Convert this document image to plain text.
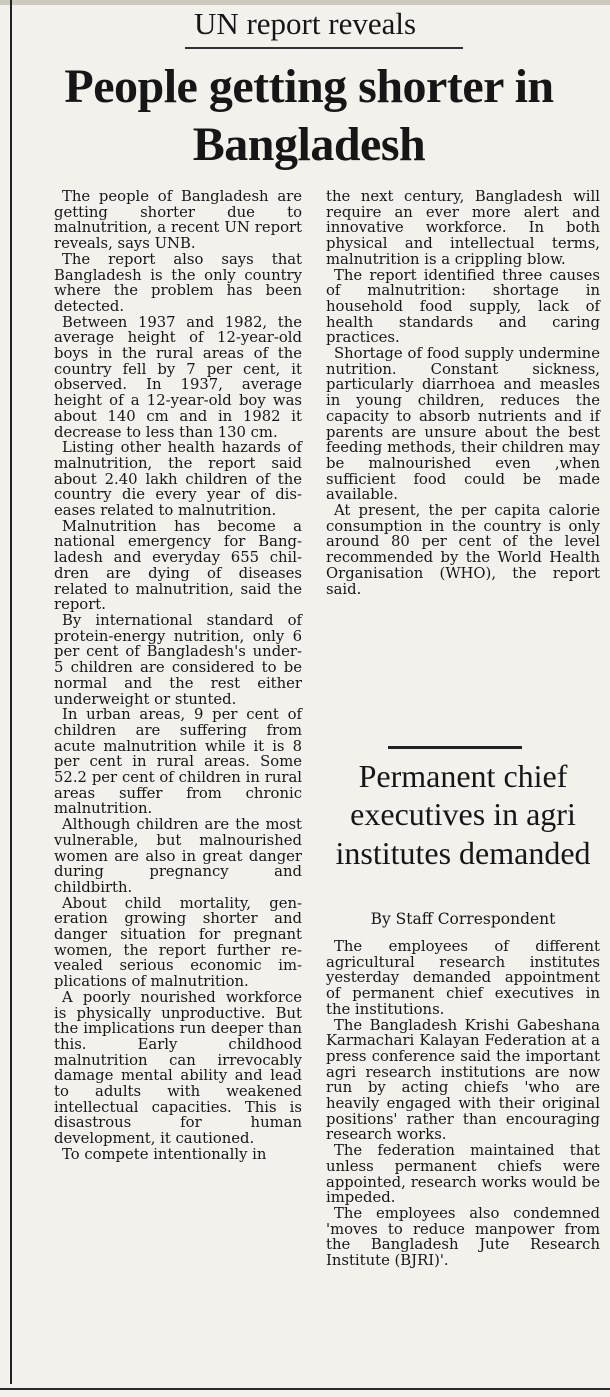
UN report reveals
People getting shorter in Bangladesh

The people of Bangladesh are getting shorter due to malnutrition, a recent UN report reveals, says UNB.

The report also says that Bangladesh is the only country where the problem has been detected.

Between 1937 and 1982, the average height of 12-year-old boys in the rural areas of the country fell by 7 per cent, it observed. In 1937, average height of a 12-year-old boy was about 140 cm and in 1982 it decrease to less than 130 cm.

Listing other health hazards of malnutrition, the report said about 2.40 lakh children of the country die every year of diseases related to malnutrition.

Malnutrition has become a national emergency for Bangladesh and everyday 655 children are dying of diseases related to malnutrition, said the report.

By international standard of protein-energy nutrition, only 6 per cent of Bangladesh's under-5 children are considered to be normal and the rest either underweight or stunted.

In urban areas, 9 per cent of children are suffering from acute malnutrition while it is 8 per cent in rural areas. Some 52.2 per cent of children in rural areas suffer from chronic malnutrition.

Although children are the most vulnerable, but malnourished women are also in great danger during pregnancy and childbirth.

About child mortality, generation growing shorter and danger situation for pregnant women, the report further revealed serious economic implications of malnutrition.

A poorly nourished workforce is physically unproductive. But the implications run deeper than this. Early childhood malnutrition can irrevocably damage mental ability and lead to adults with weakened intellectual capacities. This is disastrous for human development, it cautioned.

To compete intentionally in

the next century, Bangladesh will require an ever more alert and innovative workforce. In both physical and intellectual terms, malnutrition is a crippling blow.

The report identified three causes of malnutrition: shortage in household food supply, lack of health standards and caring practices.

Shortage of food supply undermine nutrition. Constant sickness, particularly diarrhoea and measles in young children, reduces the capacity to absorb nutrients and if parents are unsure about the best feeding methods, their children may be malnourished even ,when sufficient food could be made available.

At present, the per capita calorie consumption in the country is only around 80 per cent of the level recommended by the World Health Organisation (WHO), the report said.

Permanent chief executives in agri institutes demanded
By Staff Correspondent

The employees of different agricultural research institutes yesterday demanded appointment of permanent chief executives in the institutions.

The Bangladesh Krishi Gabeshana Karmachari Kalayan Federation at a press conference said the important agri research institutions are now run by acting chiefs 'who are heavily engaged with their original positions' rather than encouraging research works.

The federation maintained that unless permanent chiefs were appointed, research works would be impeded.

The employees also condemned 'moves to reduce manpower from the Bangladesh Jute Research Institute (BJRI)'.
